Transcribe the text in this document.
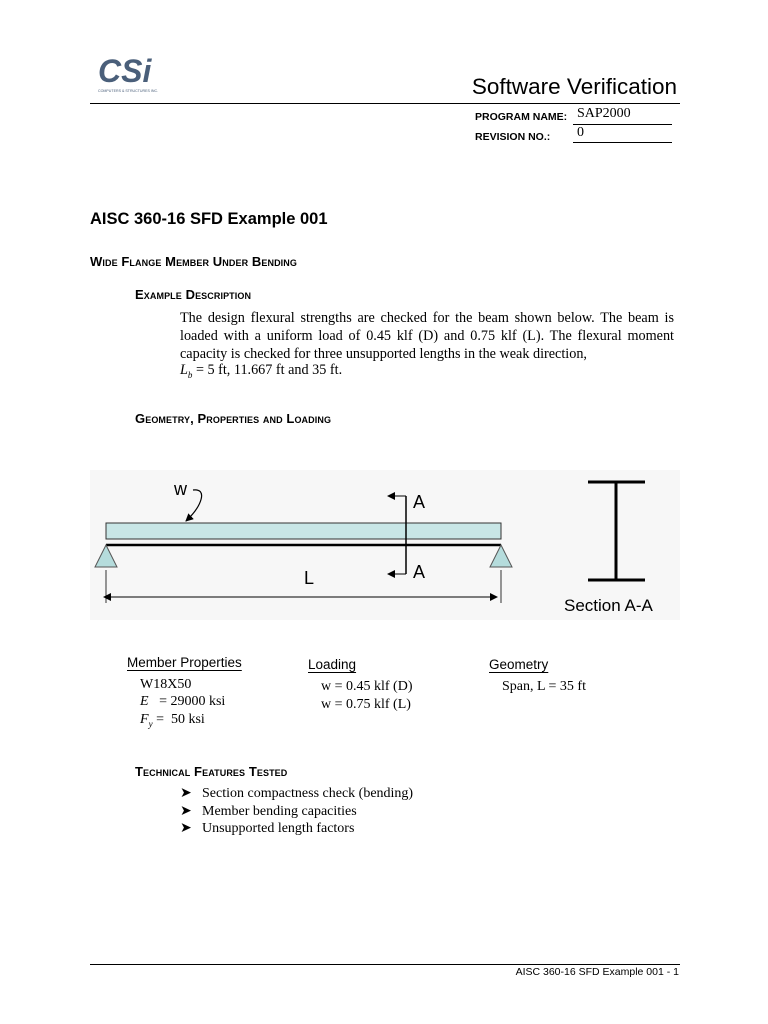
CSi
COMPUTERS & STRUCTURES INC.	Software Verification
PROGRAM NAME: SAP2000
REVISION NO.: 0
AISC 360-16 SFD Example 001
Wide Flange Member Under Bending
Example Description
The design flexural strengths are checked for the beam shown below. The beam is loaded with a uniform load of 0.45 klf (D) and 0.75 klf (L). The flexural moment capacity is checked for three unsupported lengths in the weak direction,
$L_b = 5$ ft, 11.667 ft and 35 ft.
Geometry, Properties and Loading
w
A
A
L
Section A-A
Member Properties
W18X50
E   = 29000 ksi
$F_y = 50$ ksi
Loading
w = 0.45 klf (D)
w = 0.75 klf (L)
Geometry
Span, L = 35 ft
Technical Features Tested
➤ Section compactness check (bending)
➤ Member bending capacities
➤ Unsupported length factors
AISC 360-16 SFD Example 001 - 1
